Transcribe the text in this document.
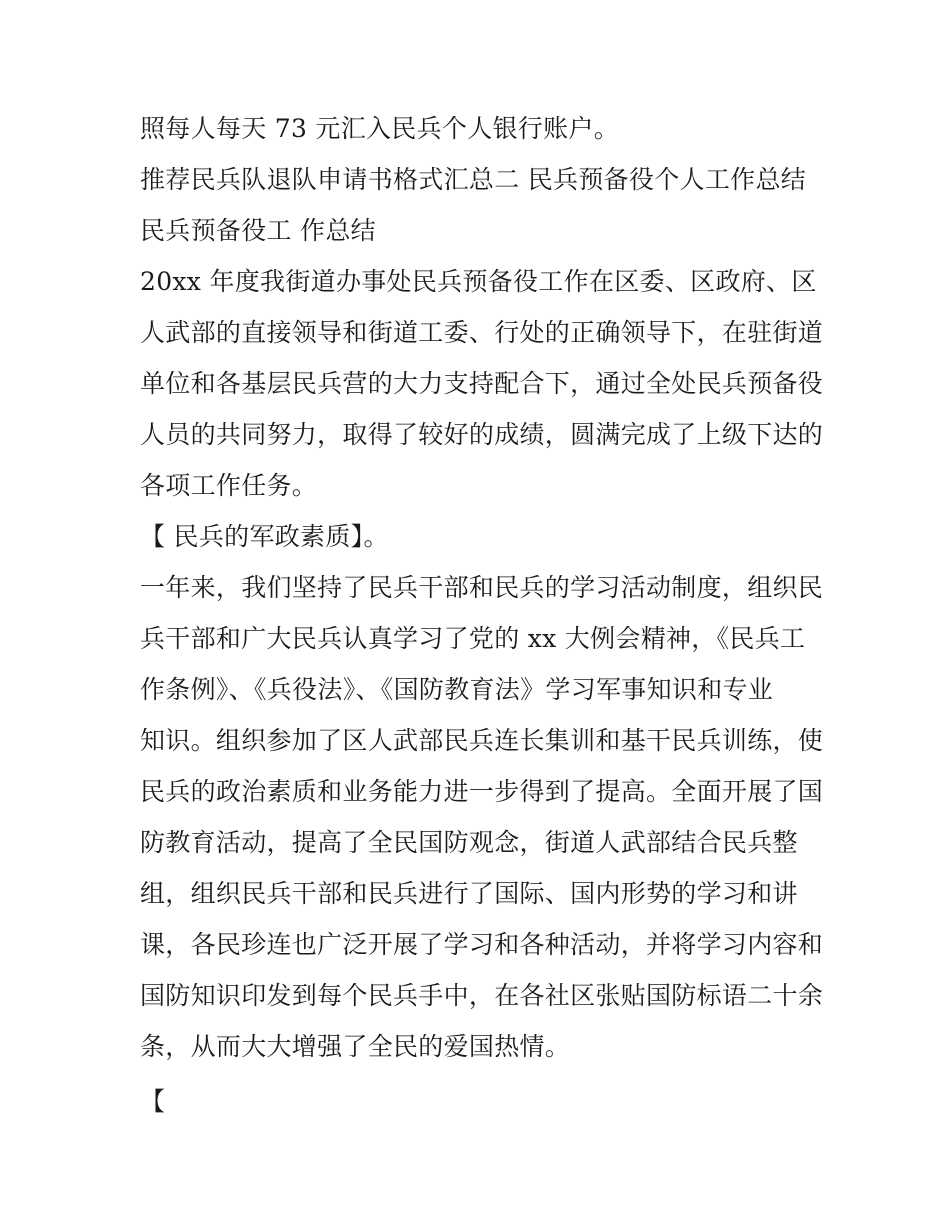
照每人每天 73 元汇入民兵个人银行账户。
推荐民兵队退队申请书格式汇总二 民兵预备役个人工作总结
民兵预备役工 作总结
20xx 年度我街道办事处民兵预备役工作在区委、区政府、区
人武部的直接领导和街道工委、行处的正确领导下，在驻街道
单位和各基层民兵营的大力支持配合下，通过全处民兵预备役
人员的共同努力，取得了较好的成绩，圆满完成了上级下达的
各项工作任务。
【 民兵的军政素质】。
一年来，我们坚持了民兵干部和民兵的学习活动制度，组织民
兵干部和广大民兵认真学习了党的 xx 大例会精神，《民兵工
作条例》、《兵役法》、《国防教育法》学习军事知识和专业
知识。组织参加了区人武部民兵连长集训和基干民兵训练，使
民兵的政治素质和业务能力进一步得到了提高。全面开展了国
防教育活动，提高了全民国防观念，街道人武部结合民兵整
组，组织民兵干部和民兵进行了国际、国内形势的学习和讲
课，各民珍连也广泛开展了学习和各种活动，并将学习内容和
国防知识印发到每个民兵手中，在各社区张贴国防标语二十余
条，从而大大增强了全民的爱国热情。
【
